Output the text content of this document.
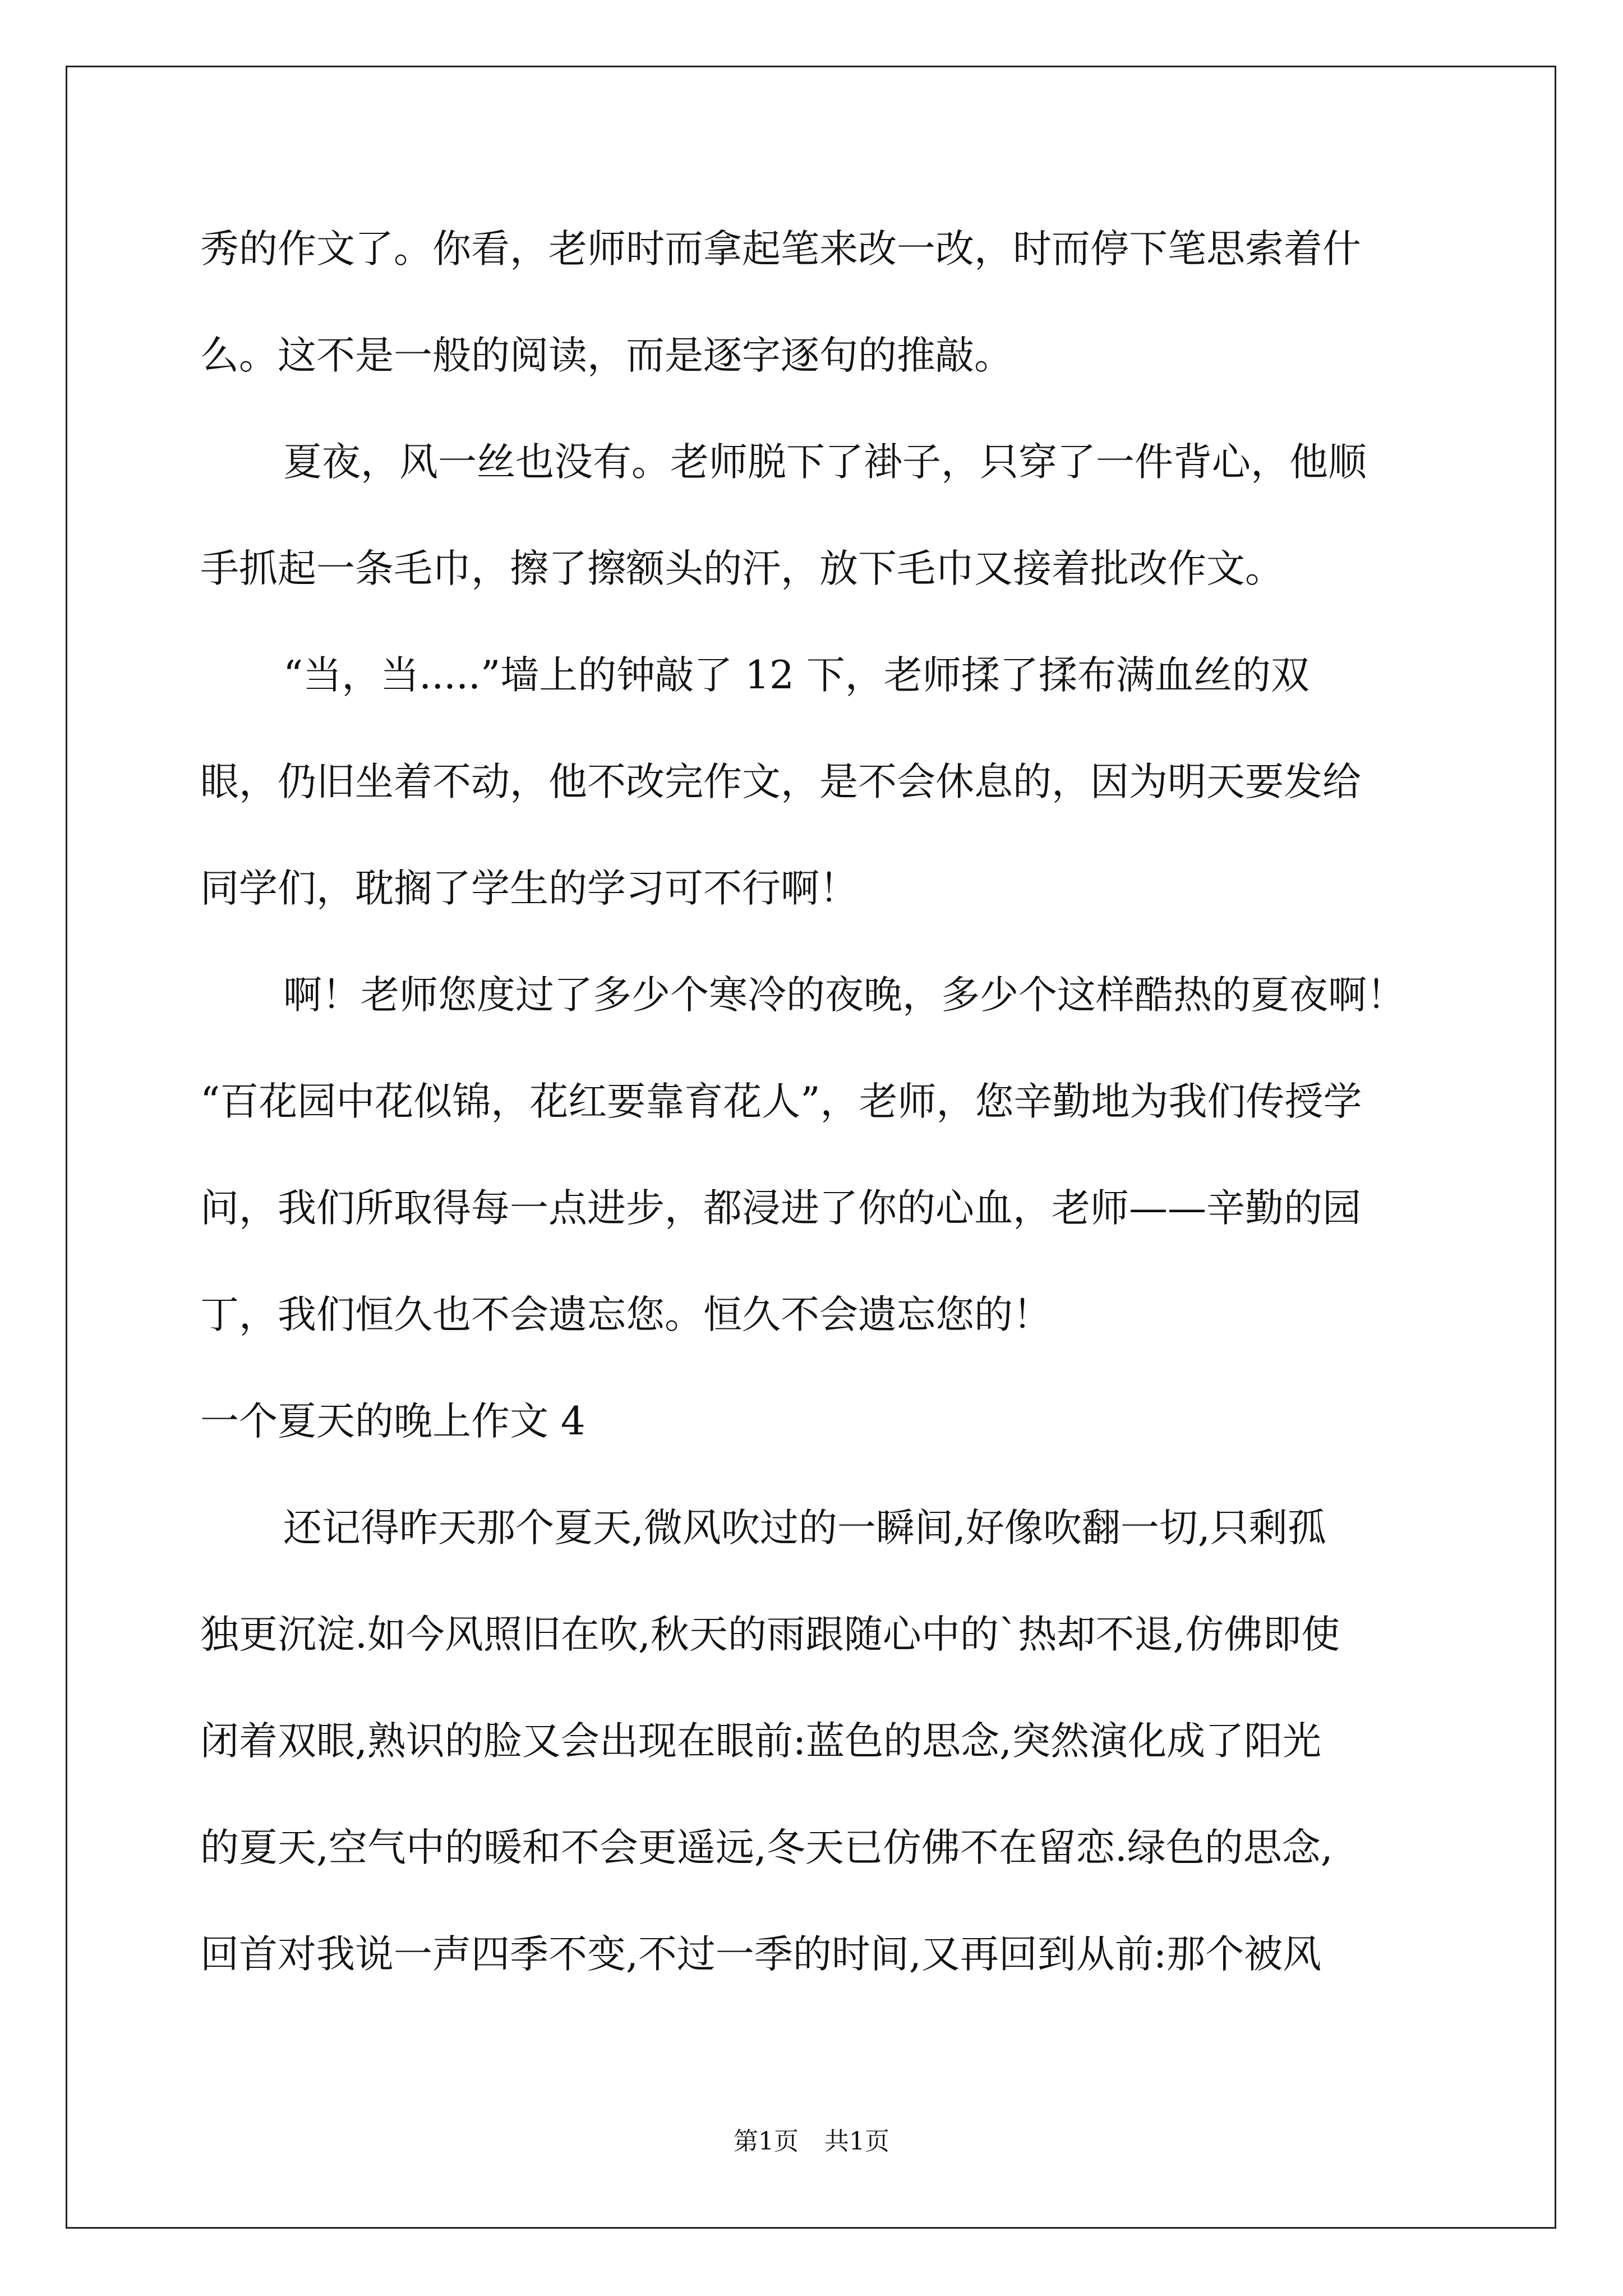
秀的作文了。你看，老师时而拿起笔来改一改，时而停下笔思索着什
么。这不是一般的阅读，而是逐字逐句的推敲。
夏夜，风一丝也没有。老师脱下了褂子，只穿了一件背心，他顺
手抓起一条毛巾，擦了擦额头的汗，放下毛巾又接着批改作文。
“当，当.....”墙上的钟敲了 12 下，老师揉了揉布满血丝的双
眼，仍旧坐着不动，他不改完作文，是不会休息的，因为明天要发给
同学们，耽搁了学生的学习可不行啊！
啊！老师您度过了多少个寒冷的夜晚，多少个这样酷热的夏夜啊！
“百花园中花似锦，花红要靠育花人”，老师，您辛勤地为我们传授学
问，我们所取得每一点进步，都浸进了你的心血，老师——辛勤的园
丁，我们恒久也不会遗忘您。恒久不会遗忘您的！
一个夏天的晚上作文 4
还记得昨天那个夏天,微风吹过的一瞬间,好像吹翻一切,只剩孤
独更沉淀.如今风照旧在吹,秋天的雨跟随心中的`热却不退,仿佛即使
闭着双眼,熟识的脸又会出现在眼前:蓝色的思念,突然演化成了阳光
的夏天,空气中的暖和不会更遥远,冬天已仿佛不在留恋.绿色的思念,
回首对我说一声四季不变,不过一季的时间,又再回到从前:那个被风
第1页 共1页
